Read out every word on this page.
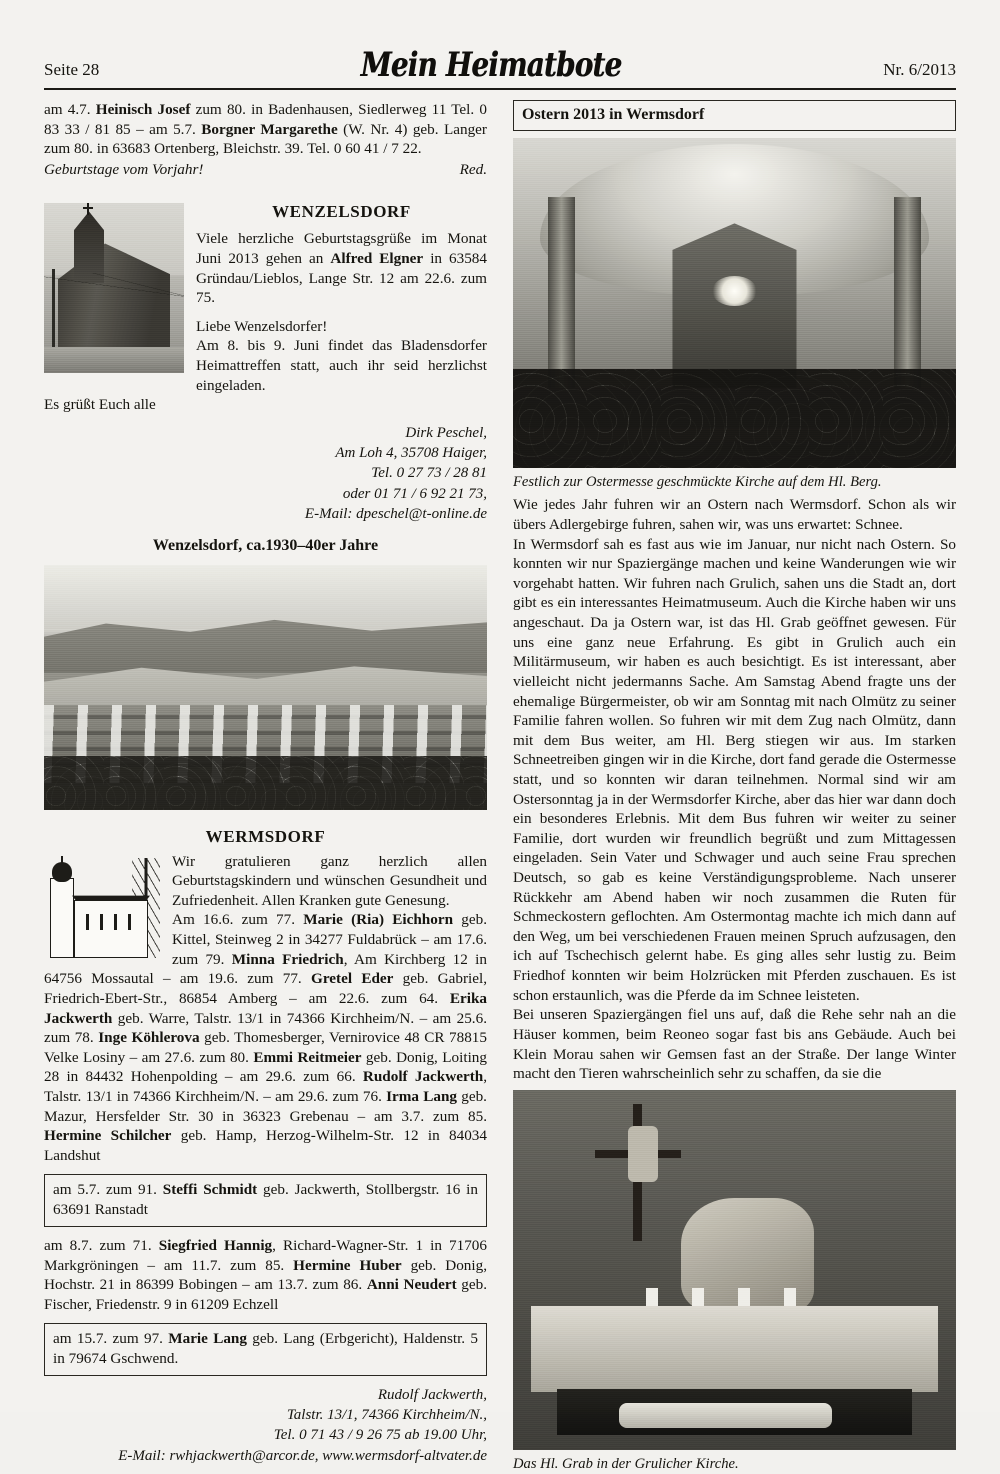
Seite 28	Mein Heimatbote	Nr. 6/2013

am 4.7. Heinisch Josef zum 80. in Badenhausen, Siedlerweg 11 Tel. 0 83 33 / 81 85 – am 5.7. Borgner Margarethe (W. Nr. 4) geb. Langer zum 80. in 63683 Ortenberg, Bleichstr. 39. Tel. 0 60 41 / 7 22.

Geburtstage vom Vorjahr!	Red.
WENZELSDORF

Viele herzliche Geburtstagsgrüße im Monat Juni 2013 gehen an Alfred Elgner in 63584 Gründau/Lieblos, Lange Str. 12 am 22.6. zum 75.

Liebe Wenzelsdorfer!

Am 8. bis 9. Juni findet das Bladensdorfer Heimattreffen statt, auch ihr seid herzlichst eingeladen.

Es grüßt Euch alle

Dirk Peschel,
Am Loh 4, 35708 Haiger,
Tel. 0 27 73 / 28 81
oder 01 71 / 6 92 21 73,
E-Mail: dpeschel@t-online.de
Wenzelsdorf, ca.1930–40er Jahre
WERMSDORF

Wir gratulieren ganz herzlich allen Geburtstagskindern und wünschen Gesundheit und Zufriedenheit. Allen Kranken gute Genesung.

Am 16.6. zum 77. Marie (Ria) Eichhorn geb. Kittel, Steinweg 2 in 34277 Fuldabrück – am 17.6. zum 79. Minna Friedrich, Am Kirchberg 12 in 64756 Mossautal – am 19.6. zum 77. Gretel Eder geb. Gabriel, Friedrich-Ebert-Str., 86854 Amberg – am 22.6. zum 64. Erika Jackwerth geb. Warre, Talstr. 13/1 in 74366 Kirchheim/N. – am 25.6. zum 78. Inge Köhlerova geb. Thomesberger, Vernirovice 48 CR 78815 Velke Losiny – am 27.6. zum 80. Emmi Reitmeier geb. Donig, Loiting 28 in 84432 Hohenpolding – am 29.6. zum 66. Rudolf Jackwerth, Talstr. 13/1 in 74366 Kirchheim/N. – am 29.6. zum 76. Irma Lang geb. Mazur, Hersfelder Str. 30 in 36323 Grebenau – am 3.7. zum 85. Hermine Schilcher geb. Hamp, Herzog-Wilhelm-Str. 12 in 84034 Landshut

am 5.7. zum 91. Steffi Schmidt geb. Jackwerth, Stollbergstr. 16 in 63691 Ranstadt

am 8.7. zum 71. Siegfried Hannig, Richard-Wagner-Str. 1 in 71706 Markgröningen – am 11.7. zum 85. Hermine Huber geb. Donig, Hochstr. 21 in 86399 Bobingen – am 13.7. zum 86. Anni Neudert geb. Fischer, Friedenstr. 9 in 61209 Echzell

am 15.7. zum 97. Marie Lang geb. Lang (Erbgericht), Haldenstr. 5 in 79674 Gschwend.
Rudolf Jackwerth,
Talstr. 13/1, 74366 Kirchheim/N.,
Tel. 0 71 43 / 9 26 75 ab 19.00 Uhr,
E-Mail: rwhjackwerth@arcor.de, www.wermsdorf-altvater.de
Ostern 2013 in Wermsdorf
Festlich zur Ostermesse geschmückte Kirche auf dem Hl. Berg.

Wie jedes Jahr fuhren wir an Ostern nach Wermsdorf. Schon als wir übers Adlergebirge fuhren, sahen wir, was uns erwartet: Schnee.

In Wermsdorf sah es fast aus wie im Januar, nur nicht nach Ostern. So konnten wir nur Spaziergänge machen und keine Wanderungen wie wir vorgehabt hatten. Wir fuhren nach Grulich, sahen uns die Stadt an, dort gibt es ein interessantes Heimatmuseum. Auch die Kirche haben wir uns angeschaut. Da ja Ostern war, ist das Hl. Grab geöffnet gewesen. Für uns eine ganz neue Erfahrung. Es gibt in Grulich auch ein Militärmuseum, wir haben es auch besichtigt. Es ist interessant, aber vielleicht nicht jedermanns Sache. Am Samstag Abend fragte uns der ehemalige Bürgermeister, ob wir am Sonntag mit nach Olmütz zu seiner Familie fahren wollen. So fuhren wir mit dem Zug nach Olmütz, dann mit dem Bus weiter, am Hl. Berg stiegen wir aus. Im starken Schneetreiben gingen wir in die Kirche, dort fand gerade die Ostermesse statt, und so konnten wir daran teilnehmen. Normal sind wir am Ostersonntag ja in der Wermsdorfer Kirche, aber das hier war dann doch ein besonderes Erlebnis. Mit dem Bus fuhren wir weiter zu seiner Familie, dort wurden wir freundlich begrüßt und zum Mittagessen eingeladen. Sein Vater und Schwager und auch seine Frau sprechen Deutsch, so gab es keine Verständigungsprobleme. Nach unserer Rückkehr am Abend haben wir noch zusammen die Ruten für Schmeckostern geflochten. Am Ostermontag machte ich mich dann auf den Weg, um bei verschiedenen Frauen meinen Spruch aufzusagen, den ich auf Tschechisch gelernt habe. Es ging alles sehr lustig zu. Beim Friedhof konnten wir beim Holzrücken mit Pferden zuschauen. Es ist schon erstaunlich, was die Pferde da im Schnee leisteten.

Bei unseren Spaziergängen fiel uns auf, daß die Rehe sehr nah an die Häuser kommen, beim Reoneo sogar fast bis ans Gebäude. Auch bei Klein Morau sahen wir Gemsen fast an der Straße. Der lange Winter macht den Tieren wahrscheinlich sehr zu schaffen, da sie die

Das Hl. Grab in der Grulicher Kirche.
